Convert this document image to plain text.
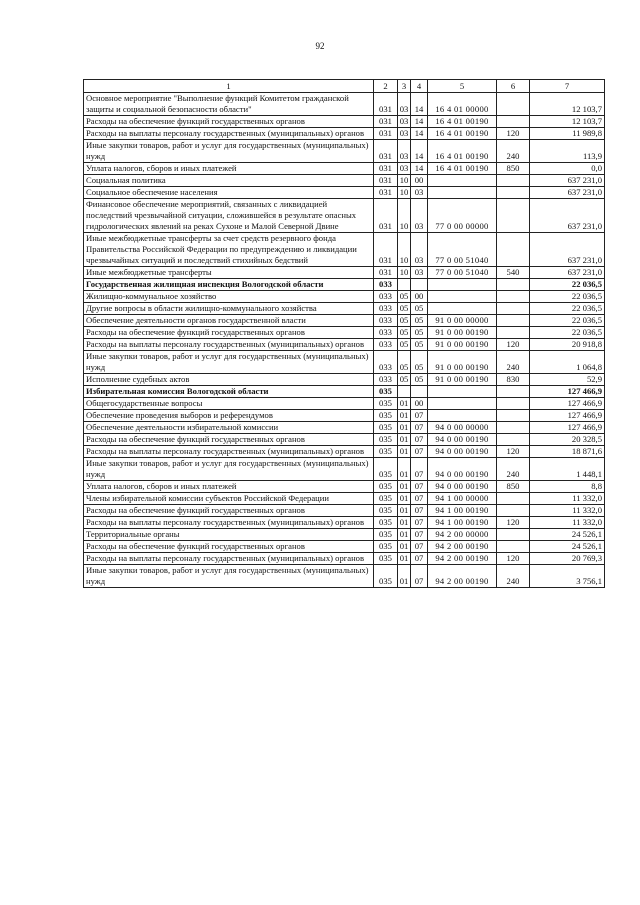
92
1	2	3	4	5	6	7
Основное мероприятие "Выполнение функций Комитетом гражданской защиты и социальной безопасности области"	031	03	14	16 4 01 00000		12 103,7
Расходы на обеспечение функций государственных органов	031	03	14	16 4 01 00190		12 103,7
Расходы на выплаты персоналу государственных (муниципальных) органов	031	03	14	16 4 01 00190	120	11 989,8
Иные закупки товаров, работ и услуг для государственных (муниципальных) нужд	031	03	14	16 4 01 00190	240	113,9
Уплата налогов, сборов и иных платежей	031	03	14	16 4 01 00190	850	0,0
Социальная политика	031	10	00			637 231,0
Социальное обеспечение населения	031	10	03			637 231,0
Финансовое обеспечение мероприятий, связанных с ликвидацией последствий чрезвычайной ситуации, сложившейся в результате опасных гидрологических явлений на реках Сухоне и Малой Северной Двине	031	10	03	77 0 00 00000		637 231,0
Иные межбюджетные трансферты за счет средств резервного фонда Правительства Российской Федерации по предупреждению и ликвидации чрезвычайных ситуаций и последствий стихийных бедствий	031	10	03	77 0 00 51040		637 231,0
Иные межбюджетные трансферты	031	10	03	77 0 00 51040	540	637 231,0
Государственная жилищная инспекция Вологодской области	033					22 036,5
Жилищно-коммунальное хозяйство	033	05	00			22 036,5
Другие вопросы в области жилищно-коммунального хозяйства	033	05	05			22 036,5
Обеспечение деятельности органов государственной власти	033	05	05	91 0 00 00000		22 036,5
Расходы на обеспечение функций государственных органов	033	05	05	91 0 00 00190		22 036,5
Расходы на выплаты персоналу государственных (муниципальных) органов	033	05	05	91 0 00 00190	120	20 918,8
Иные закупки товаров, работ и услуг для государственных (муниципальных) нужд	033	05	05	91 0 00 00190	240	1 064,8
Исполнение судебных актов	033	05	05	91 0 00 00190	830	52,9
Избирательная комиссия Вологодской области	035					127 466,9
Общегосударственные вопросы	035	01	00			127 466,9
Обеспечение проведения выборов и референдумов	035	01	07			127 466,9
Обеспечение деятельности избирательной комиссии	035	01	07	94 0 00 00000		127 466,9
Расходы на обеспечение функций государственных органов	035	01	07	94 0 00 00190		20 328,5
Расходы на выплаты персоналу государственных (муниципальных) органов	035	01	07	94 0 00 00190	120	18 871,6
Иные закупки товаров, работ и услуг для государственных (муниципальных) нужд	035	01	07	94 0 00 00190	240	1 448,1
Уплата налогов, сборов и иных платежей	035	01	07	94 0 00 00190	850	8,8
Члены избирательной комиссии субъектов Российской Федерации	035	01	07	94 1 00 00000		11 332,0
Расходы на обеспечение функций государственных органов	035	01	07	94 1 00 00190		11 332,0
Расходы на выплаты персоналу государственных (муниципальных) органов	035	01	07	94 1 00 00190	120	11 332,0
Территориальные органы	035	01	07	94 2 00 00000		24 526,1
Расходы на обеспечение функций государственных органов	035	01	07	94 2 00 00190		24 526,1
Расходы на выплаты персоналу государственных (муниципальных) органов	035	01	07	94 2 00 00190	120	20 769,3
Иные закупки товаров, работ и услуг для государственных (муниципальных) нужд	035	01	07	94 2 00 00190	240	3 756,1
